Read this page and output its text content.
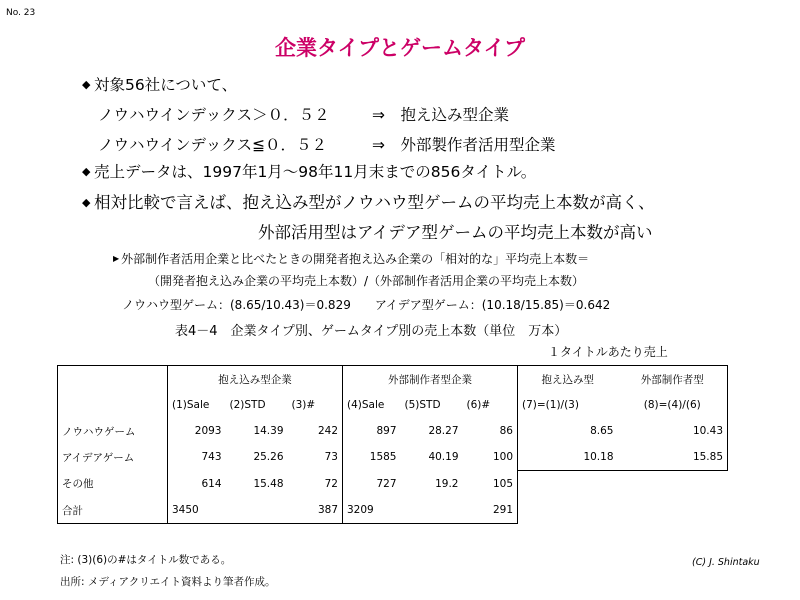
No. 23
企業タイプとゲームタイプ
◆ 対象56社について、
ノウハウインデックス＞０．５２	⇒　抱え込み型企業
ノウハウインデックス≦０．５２	⇒　外部製作者活用型企業
◆ 売上データは、1997年1月～98年11月末までの856タイトル。
◆ 相対比較で言えば、抱え込み型がノウハウ型ゲームの平均売上本数が高く、
外部活用型はアイデア型ゲームの平均売上本数が高い
▶ 外部制作者活用企業と比べたときの開発者抱え込み企業の「相対的な」平均売上本数＝
（開発者抱え込み企業の平均売上本数）/（外部制作者活用企業の平均売上本数）
ノウハウ型ゲーム：(8.65/10.43)＝0.829　　アイデア型ゲーム：(10.18/15.85)＝0.642
表4－4　企業タイプ別、ゲームタイプ別の売上本数（単位　万本）
１タイトルあたり売上
	抱え込み型企業			外部制作者型企業			抱え込み型	外部制作者型
	(1)Sale	(2)STD	(3)#	(4)Sale	(5)STD	(6)#	(7)=(1)/(3)	(8)=(4)/(6)
ノウハウゲーム	2093	14.39	242	897	28.27	86	8.65	10.43
アイデアゲーム	743	25.26	73	1585	40.19	100	10.18	15.85
その他	614	15.48	72	727	19.2	105		
合計	3450		387	3209		291		
注: (3)(6)の#はタイトル数である。
出所: メディアクリエイト資料より筆者作成。
(C) J. Shintaku
